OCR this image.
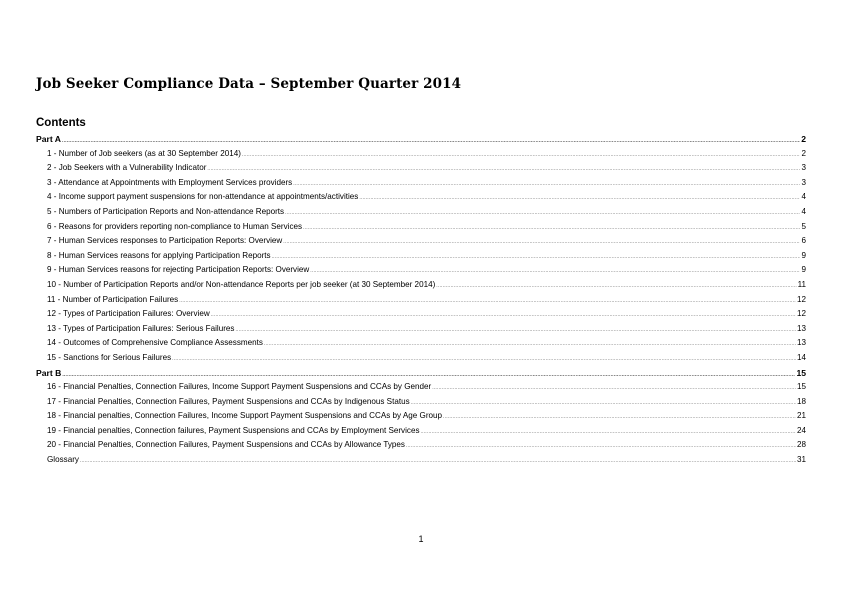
Job Seeker Compliance Data – September Quarter 2014
Contents
Part A .....	2
1 - Number of Job seekers (as at 30 September 2014) .....	2
2 - Job Seekers with a Vulnerability Indicator .....	3
3 - Attendance at Appointments with Employment Services providers .....	3
4 - Income support payment suspensions for non-attendance at appointments/activities .....	4
5 - Numbers of Participation Reports and Non-attendance Reports .....	4
6 - Reasons for providers reporting non-compliance to Human Services .....	5
7 - Human Services responses to Participation Reports: Overview .....	6
8 - Human Services reasons for applying Participation Reports .....	9
9 - Human Services reasons for rejecting Participation Reports: Overview .....	9
10 - Number of Participation Reports and/or Non-attendance Reports per job seeker (at 30 September 2014) .....	11
11 - Number of Participation Failures .....	12
12 - Types of Participation Failures: Overview .....	12
13 - Types of Participation Failures: Serious Failures .....	13
14 - Outcomes of Comprehensive Compliance Assessments .....	13
15 - Sanctions for Serious Failures .....	14
Part B .....	15
16 - Financial Penalties, Connection Failures, Income Support Payment Suspensions and CCAs by Gender .....	15
17 - Financial Penalties, Connection Failures, Payment Suspensions and CCAs by Indigenous Status .....	18
18 - Financial penalties, Connection Failures, Income Support Payment Suspensions and CCAs by Age Group .....	21
19 - Financial penalties, Connection failures, Payment Suspensions and CCAs by Employment Services .....	24
20 - Financial Penalties, Connection Failures, Payment Suspensions and CCAs by Allowance Types .....	28
Glossary .....	31
1
